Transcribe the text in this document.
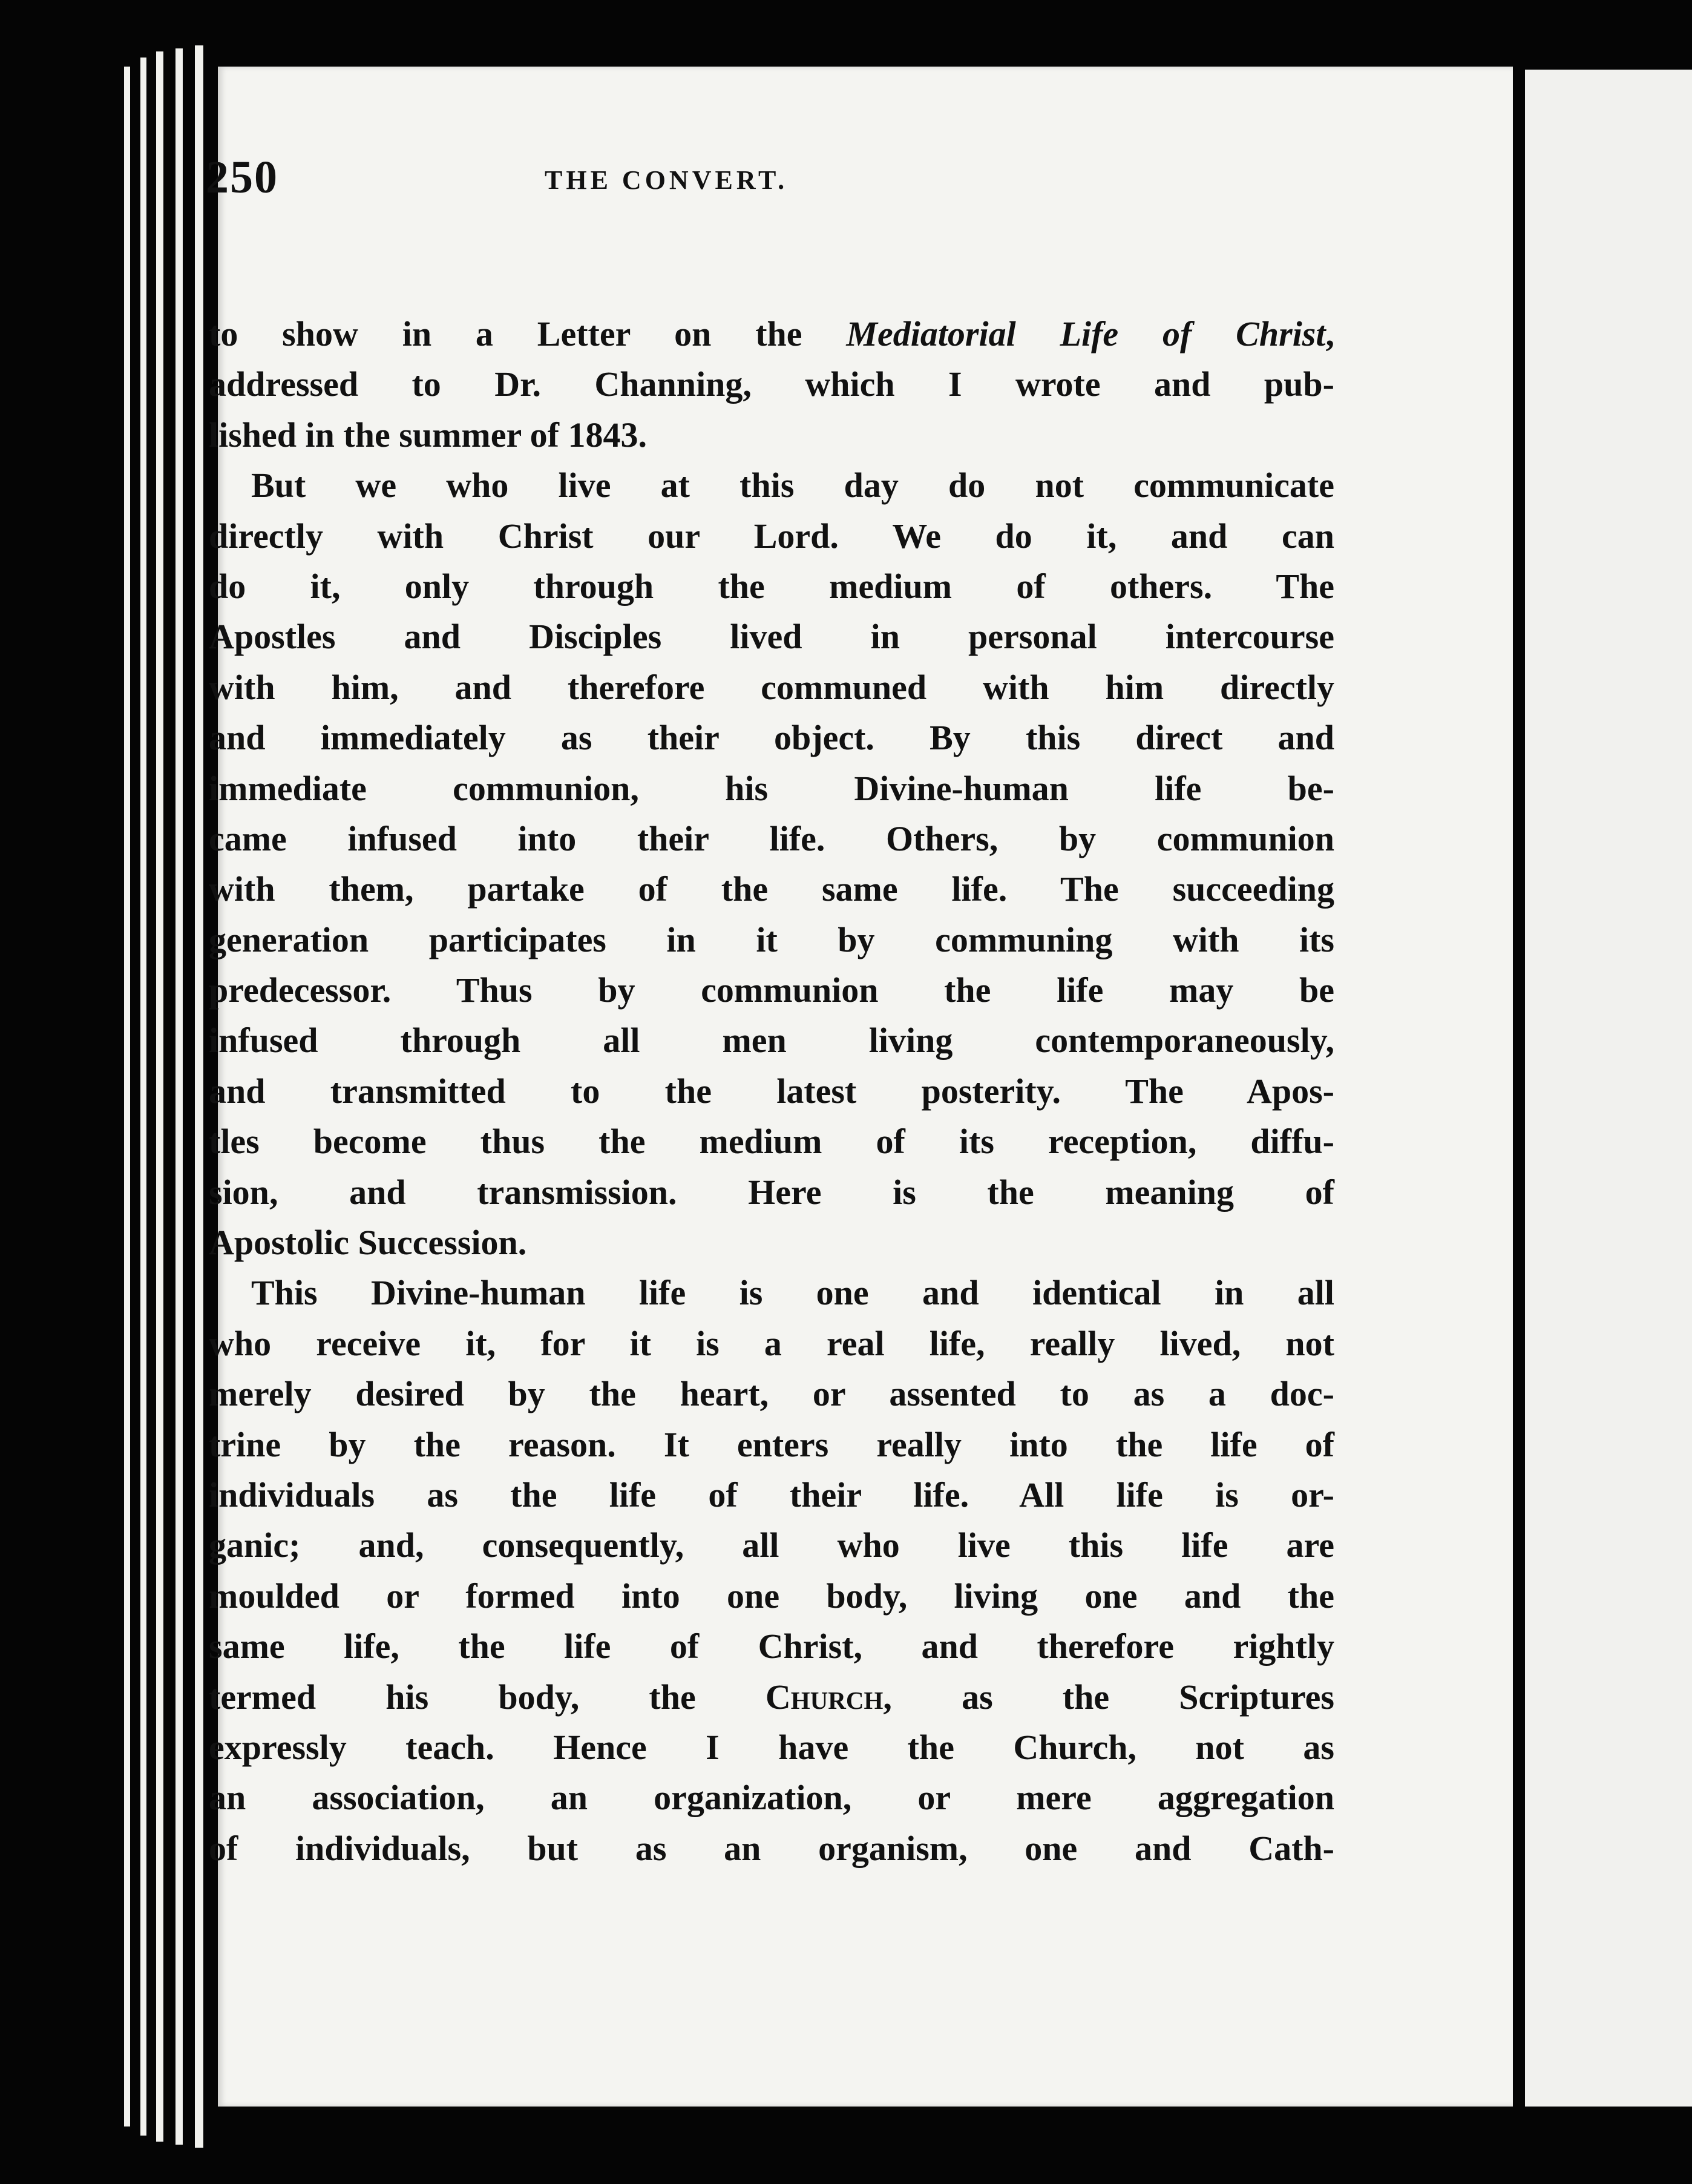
250	THE CONVERT.
to show in a Letter on the Mediatorial Life of Christ,
addressed to Dr. Channing, which I wrote and pub-
lished in the summer of 1843.
But we who live at this day do not communicate
directly with Christ our Lord. We do it, and can
do it, only through the medium of others. The
Apostles and Disciples lived in personal intercourse
with him, and therefore communed with him directly
and immediately as their object. By this direct and
immediate communion, his Divine-human life be-
came infused into their life. Others, by communion
with them, partake of the same life. The succeeding
generation participates in it by communing with its
predecessor. Thus by communion the life may be
infused through all men living contemporaneously,
and transmitted to the latest posterity. The Apos-
tles become thus the medium of its reception, diffu-
sion, and transmission. Here is the meaning of
Apostolic Succession.
This Divine-human life is one and identical in all
who receive it, for it is a real life, really lived, not
merely desired by the heart, or assented to as a doc-
trine by the reason. It enters really into the life of
individuals as the life of their life. All life is or-
ganic; and, consequently, all who live this life are
moulded or formed into one body, living one and the
same life, the life of Christ, and therefore rightly
termed his body, the Church, as the Scriptures
expressly teach. Hence I have the Church, not as
an association, an organization, or mere aggregation
of individuals, but as an organism, one and Cath-
